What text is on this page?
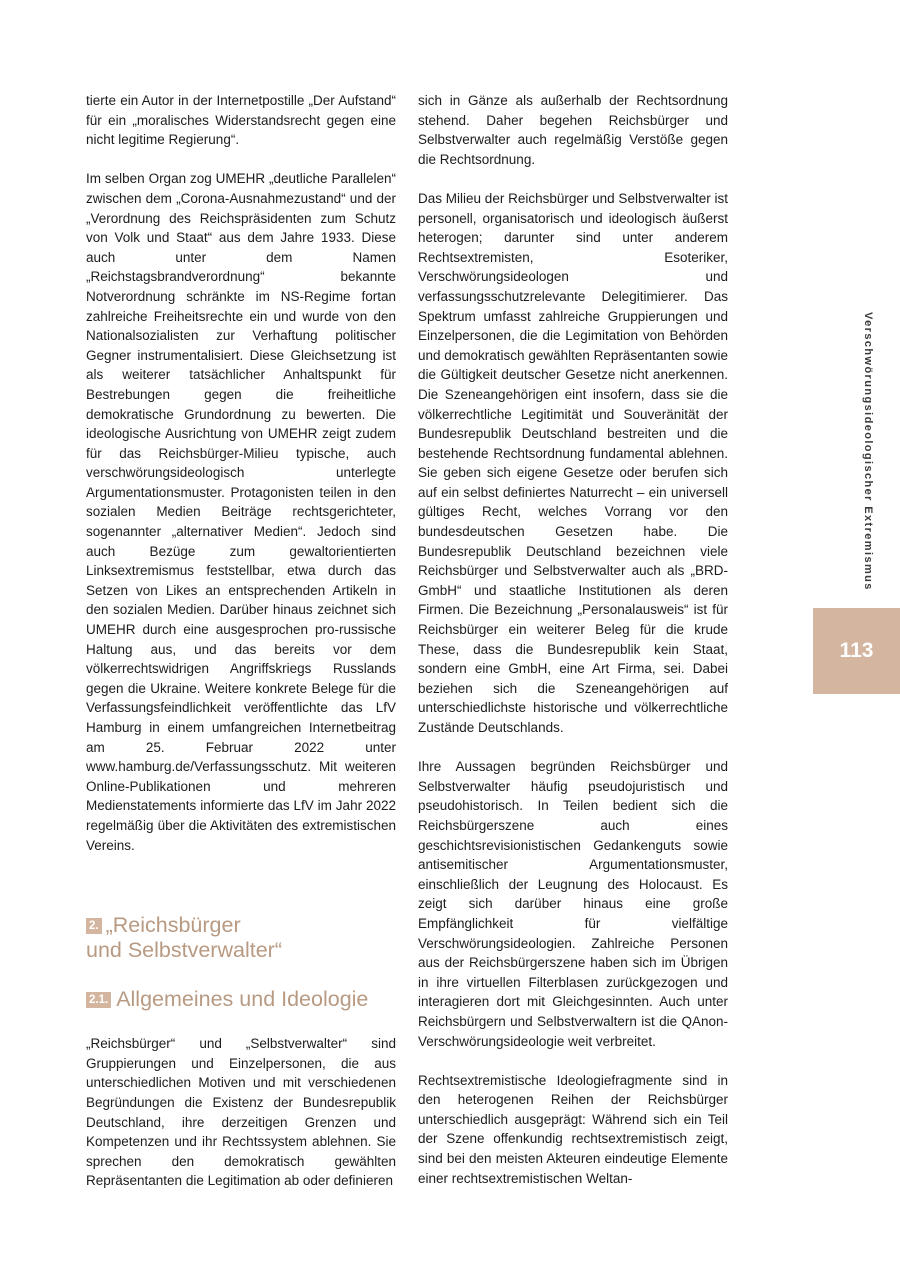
tierte ein Autor in der Internetpostille „Der Aufstand“ für ein „moralisches Widerstandsrecht gegen eine nicht legitime Regierung“.

Im selben Organ zog UMEHR „deutliche Parallelen“ zwischen dem „Corona-Ausnahmezustand“ und der „Verordnung des Reichspräsidenten zum Schutz von Volk und Staat“ aus dem Jahre 1933. Diese auch unter dem Namen „Reichstagsbrandverordnung“ bekannte Notverordnung schränkte im NS-Regime fortan zahlreiche Freiheitsrechte ein und wurde von den Nationalsozialisten zur Verhaftung politischer Gegner instrumentalisiert. Diese Gleichsetzung ist als weiterer tatsächlicher Anhaltspunkt für Bestrebungen gegen die freiheitliche demokratische Grundordnung zu bewerten. Die ideologische Ausrichtung von UMEHR zeigt zudem für das Reichsbürger-Milieu typische, auch verschwörungsideologisch unterlegte Argumentationsmuster. Protagonisten teilen in den sozialen Medien Beiträge rechtsgerichteter, sogenannter „alternativer Medien“. Jedoch sind auch Bezüge zum gewaltorientierten Linksextremismus feststellbar, etwa durch das Setzen von Likes an entsprechenden Artikeln in den sozialen Medien. Darüber hinaus zeichnet sich UMEHR durch eine ausgesprochen pro-russische Haltung aus, und das bereits vor dem völkerrechtswidrigen Angriffskriegs Russlands gegen die Ukraine. Weitere konkrete Belege für die Verfassungsfeindlichkeit veröffentlichte das LfV Hamburg in einem umfangreichen Internetbeitrag am 25. Februar 2022 unter www.hamburg.de/Verfassungsschutz. Mit weiteren Online-Publikationen und mehreren Medienstatements informierte das LfV im Jahr 2022 regelmäßig über die Aktivitäten des extremistischen Vereins.

2. „Reichsbürger
und Selbstverwalter“
2.1. Allgemeines und Ideologie

„Reichsbürger“ und „Selbstverwalter“ sind Gruppierungen und Einzelpersonen, die aus unterschiedlichen Motiven und mit verschiedenen Begründungen die Existenz der Bundesrepublik Deutschland, ihre derzeitigen Grenzen und Kompetenzen und ihr Rechtssystem ablehnen. Sie sprechen den demokratisch gewählten Repräsentanten die Legitimation ab oder definieren

sich in Gänze als außerhalb der Rechtsordnung stehend. Daher begehen Reichsbürger und Selbstverwalter auch regelmäßig Verstöße gegen die Rechtsordnung.

Das Milieu der Reichsbürger und Selbstverwalter ist personell, organisatorisch und ideologisch äußerst heterogen; darunter sind unter anderem Rechtsextremisten, Esoteriker, Verschwörungsideologen und verfassungsschutzrelevante Delegitimierer. Das Spektrum umfasst zahlreiche Gruppierungen und Einzelpersonen, die die Legimitation von Behörden und demokratisch gewählten Repräsentanten sowie die Gültigkeit deutscher Gesetze nicht anerkennen. Die Szeneangehörigen eint insofern, dass sie die völkerrechtliche Legitimität und Souveränität der Bundesrepublik Deutschland bestreiten und die bestehende Rechtsordnung fundamental ablehnen. Sie geben sich eigene Gesetze oder berufen sich auf ein selbst definiertes Naturrecht – ein universell gültiges Recht, welches Vorrang vor den bundesdeutschen Gesetzen habe. Die Bundesrepublik Deutschland bezeichnen viele Reichsbürger und Selbstverwalter auch als „BRD-GmbH“ und staatliche Institutionen als deren Firmen. Die Bezeichnung „Personalausweis“ ist für Reichsbürger ein weiterer Beleg für die krude These, dass die Bundesrepublik kein Staat, sondern eine GmbH, eine Art Firma, sei. Dabei beziehen sich die Szeneangehörigen auf unterschiedlichste historische und völkerrechtliche Zustände Deutschlands.

Ihre Aussagen begründen Reichsbürger und Selbstverwalter häufig pseudojuristisch und pseudohistorisch. In Teilen bedient sich die Reichsbürgerszene auch eines geschichtsrevisionistischen Gedankenguts sowie antisemitischer Argumentationsmuster, einschließlich der Leugnung des Holocaust. Es zeigt sich darüber hinaus eine große Empfänglichkeit für vielfältige Verschwörungsideologien. Zahlreiche Personen aus der Reichsbürgerszene haben sich im Übrigen in ihre virtuellen Filterblasen zurückgezogen und interagieren dort mit Gleichgesinnten. Auch unter Reichsbürgern und Selbstverwaltern ist die QAnon-Verschwörungsideologie weit verbreitet.

Rechtsextremistische Ideologiefragmente sind in den heterogenen Reihen der Reichsbürger unterschiedlich ausgeprägt: Während sich ein Teil der Szene offenkundig rechtsextremistisch zeigt, sind bei den meisten Akteuren eindeutige Elemente einer rechtsextremistischen Weltan-

Verschwörungsideologischer Extremismus
113
